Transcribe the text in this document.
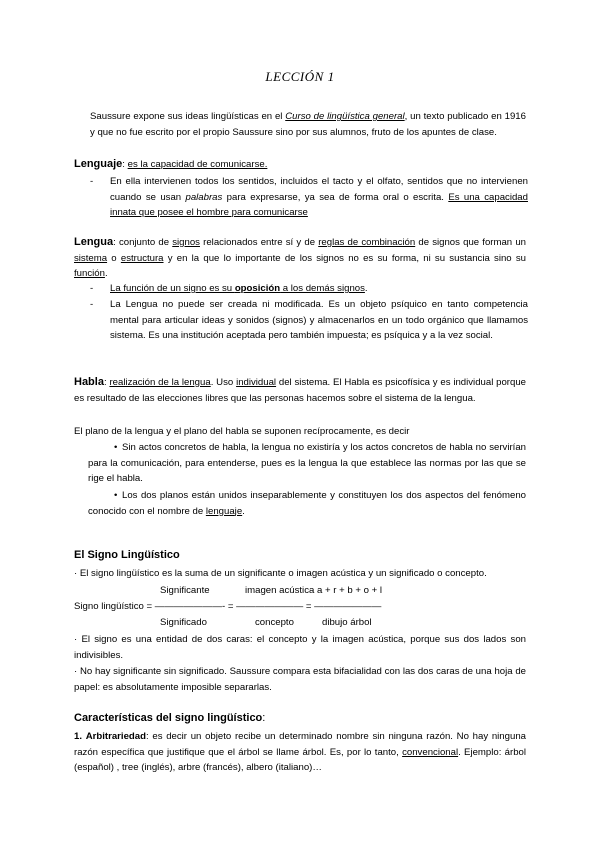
LECCIÓN 1
Saussure expone sus ideas lingüísticas en el Curso de lingüística general, un texto publicado en 1916 y que no fue escrito por el propio Saussure sino por sus alumnos, fruto de los apuntes de clase.
Lenguaje: es la capacidad de comunicarse.
-	En ella intervienen todos los sentidos, incluidos el tacto y el olfato, sentidos que no intervienen cuando se usan palabras para expresarse, ya sea de forma oral o escrita. Es una capacidad innata que posee el hombre para comunicarse
Lengua: conjunto de signos relacionados entre sí y de reglas de combinación de signos que forman un sistema o estructura y en la que lo importante de los signos no es su forma, ni su sustancia sino su función.
-	La función de un signo es su oposición a los demás signos.
-	La Lengua no puede ser creada ni modificada. Es un objeto psíquico en tanto competencia mental para articular ideas y sonidos (signos) y almacenarlos en un todo orgánico que llamamos sistema. Es una institución aceptada pero también impuesta; es psíquica y a la vez social.
Habla: realización de la lengua. Uso individual del sistema. El Habla es psicofísica y es individual porque es resultado de las elecciones libres que las personas hacemos sobre el sistema de la lengua.
El plano de la lengua y el plano del habla se suponen recíprocamente, es decir
• Sin actos concretos de habla, la lengua no existiría y los actos concretos de habla no servirían para la comunicación, para entenderse, pues es la lengua la que establece las normas por las que se rige el habla.
• Los dos planos están unidos inseparablemente y constituyen los dos aspectos del fenómeno conocido con el nombre de lenguaje.
El Signo Lingüístico
· El signo lingüístico es la suma de un significante o imagen acústica y un significado o concepto.
Significante	imagen acústica a + r + b + o + l
Signo lingüístico = ———————- = ——————— = ———————
Significado	concepto	dibujo árbol
· El signo es una entidad de dos caras: el concepto y la imagen acústica, porque sus dos lados son indivisibles.
· No hay significante sin significado. Saussure compara esta bifacialidad con las dos caras de una hoja de papel: es absolutamente imposible separarlas.
Características del signo lingüístico:
1. Arbitrariedad: es decir un objeto recibe un determinado nombre sin ninguna razón. No hay ninguna razón específica que justifique que el árbol se llame árbol. Es, por lo tanto, convencional. Ejemplo: árbol (español) , tree (inglés), arbre (francés), albero (italiano)…
